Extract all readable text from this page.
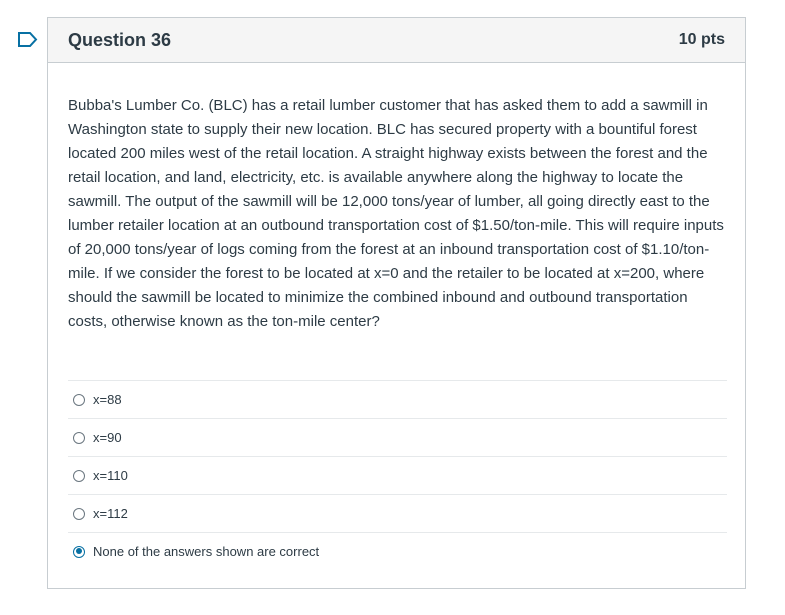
Question 36	10 pts
Bubba's Lumber Co. (BLC) has a retail lumber customer that has asked them to add a sawmill in Washington state to supply their new location. BLC has secured property with a bountiful forest located 200 miles west of the retail location. A straight highway exists between the forest and the retail location, and land, electricity, etc. is available anywhere along the highway to locate the sawmill. The output of the sawmill will be 12,000 tons/year of lumber, all going directly east to the lumber retailer location at an outbound transportation cost of $1.50/ton-mile. This will require inputs of 20,000 tons/year of logs coming from the forest at an inbound transportation cost of $1.10/ton-mile. If we consider the forest to be located at x=0 and the retailer to be located at x=200, where should the sawmill be located to minimize the combined inbound and outbound transportation costs, otherwise known as the ton-mile center?
x=88
x=90
x=110
x=112
None of the answers shown are correct
